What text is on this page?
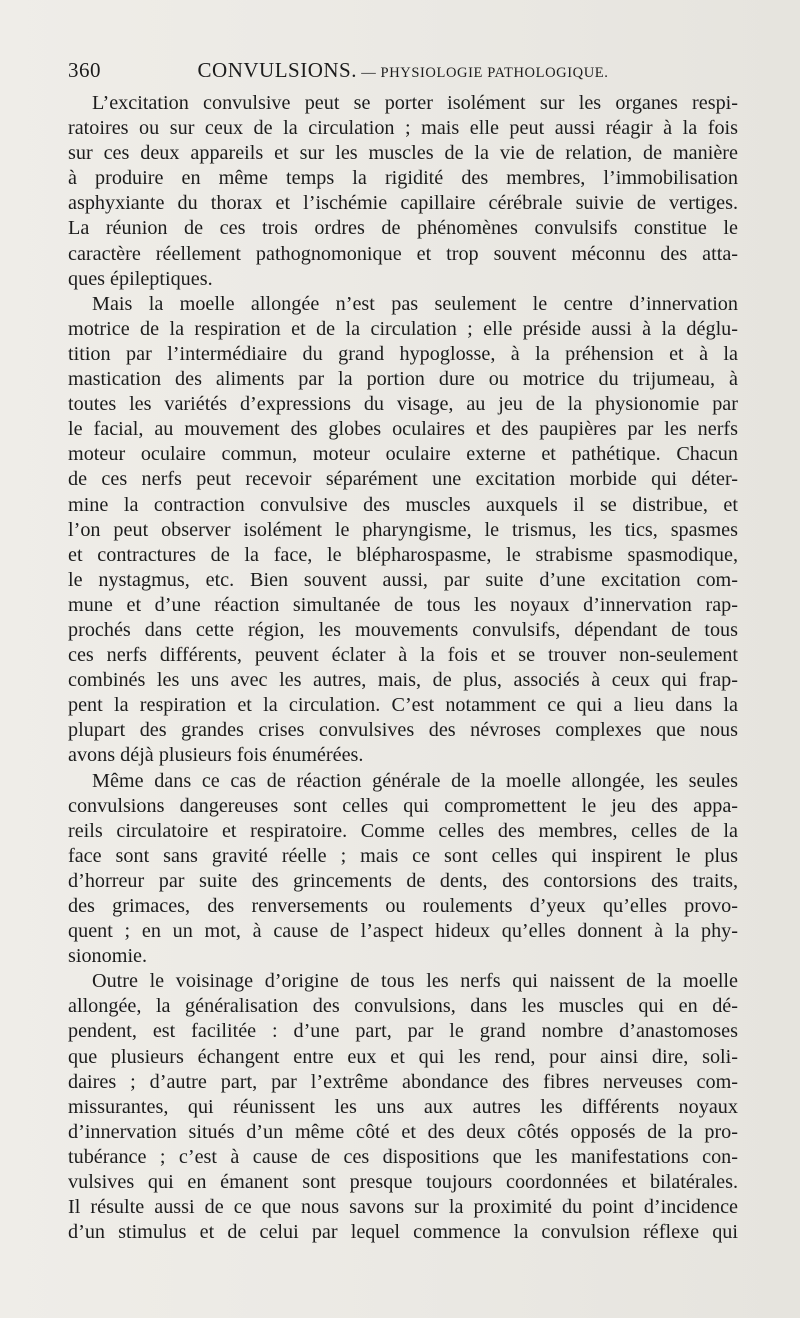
360	CONVULSIONS. — PHYSIOLOGIE PATHOLOGIQUE.
L’excitation convulsive peut se porter isolément sur les organes respi-
ratoires ou sur ceux de la circulation ; mais elle peut aussi réagir à la fois
sur ces deux appareils et sur les muscles de la vie de relation, de manière
à produire en même temps la rigidité des membres, l’immobilisation
asphyxiante du thorax et l’ischémie capillaire cérébrale suivie de vertiges.
La réunion de ces trois ordres de phénomènes convulsifs constitue le
caractère réellement pathognomonique et trop souvent méconnu des atta-
ques épileptiques.
Mais la moelle allongée n’est pas seulement le centre d’innervation
motrice de la respiration et de la circulation ; elle préside aussi à la déglu-
tition par l’intermédiaire du grand hypoglosse, à la préhension et à la
mastication des aliments par la portion dure ou motrice du trijumeau, à
toutes les variétés d’expressions du visage, au jeu de la physionomie par
le facial, au mouvement des globes oculaires et des paupières par les nerfs
moteur oculaire commun, moteur oculaire externe et pathétique. Chacun
de ces nerfs peut recevoir séparément une excitation morbide qui déter-
mine la contraction convulsive des muscles auxquels il se distribue, et
l’on peut observer isolément le pharyngisme, le trismus, les tics, spasmes
et contractures de la face, le blépharospasme, le strabisme spasmodique,
le nystagmus, etc. Bien souvent aussi, par suite d’une excitation com-
mune et d’une réaction simultanée de tous les noyaux d’innervation rap-
prochés dans cette région, les mouvements convulsifs, dépendant de tous
ces nerfs différents, peuvent éclater à la fois et se trouver non-seulement
combinés les uns avec les autres, mais, de plus, associés à ceux qui frap-
pent la respiration et la circulation. C’est notamment ce qui a lieu dans la
plupart des grandes crises convulsives des névroses complexes que nous
avons déjà plusieurs fois énumérées.
Même dans ce cas de réaction générale de la moelle allongée, les seules
convulsions dangereuses sont celles qui compromettent le jeu des appa-
reils circulatoire et respiratoire. Comme celles des membres, celles de la
face sont sans gravité réelle ; mais ce sont celles qui inspirent le plus
d’horreur par suite des grincements de dents, des contorsions des traits,
des grimaces, des renversements ou roulements d’yeux qu’elles provo-
quent ; en un mot, à cause de l’aspect hideux qu’elles donnent à la phy-
sionomie.
Outre le voisinage d’origine de tous les nerfs qui naissent de la moelle
allongée, la généralisation des convulsions, dans les muscles qui en dé-
pendent, est facilitée : d’une part, par le grand nombre d’anastomoses
que plusieurs échangent entre eux et qui les rend, pour ainsi dire, soli-
daires ; d’autre part, par l’extrême abondance des fibres nerveuses com-
missurantes, qui réunissent les uns aux autres les différents noyaux
d’innervation situés d’un même côté et des deux côtés opposés de la pro-
tubérance ; c’est à cause de ces dispositions que les manifestations con-
vulsives qui en émanent sont presque toujours coordonnées et bilatérales.
Il résulte aussi de ce que nous savons sur la proximité du point d’incidence
d’un stimulus et de celui par lequel commence la convulsion réflexe qui
